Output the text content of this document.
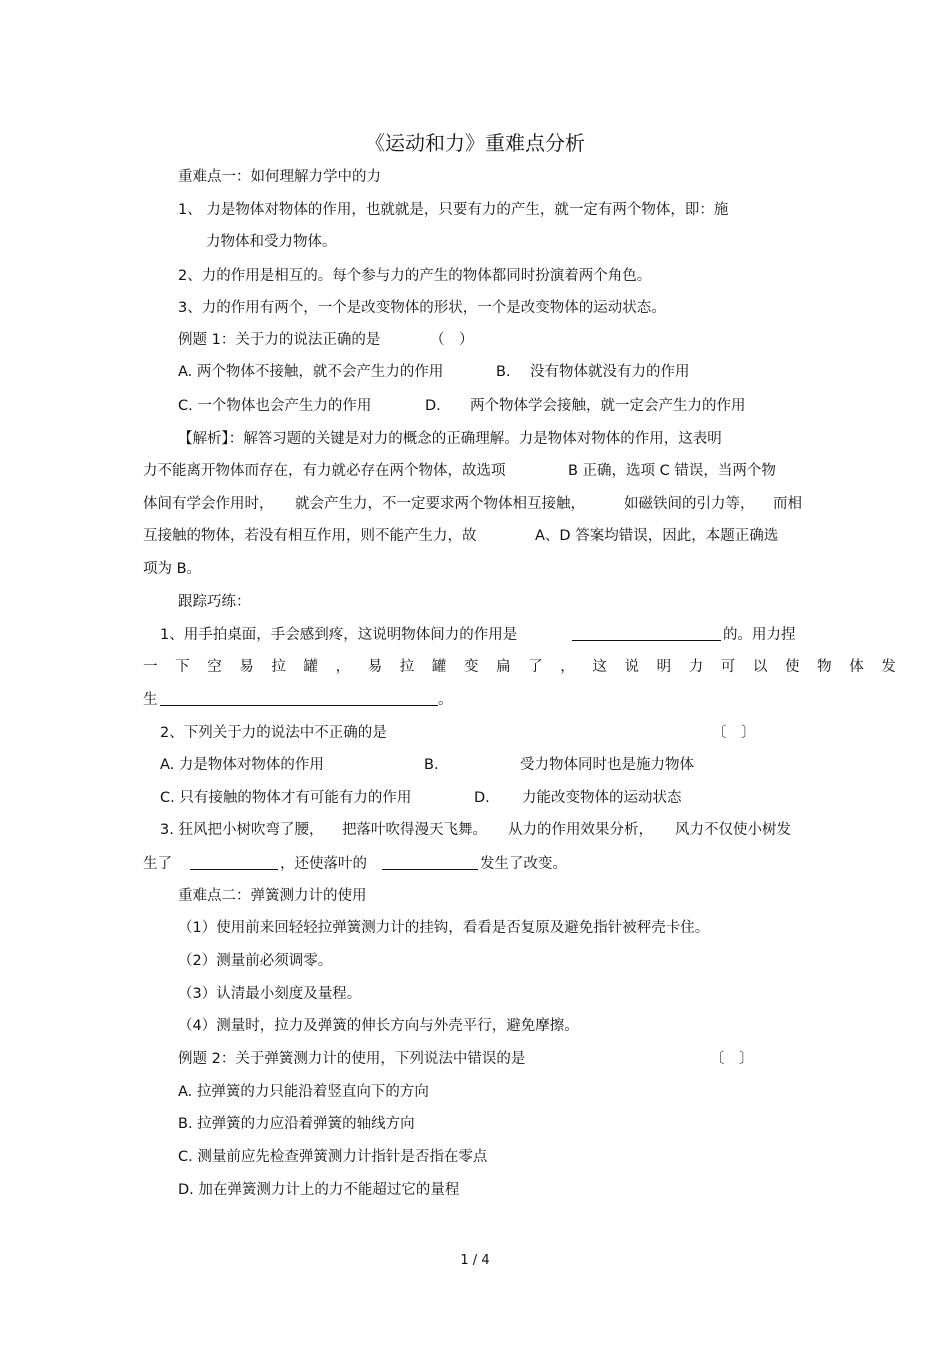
《运动和力》重难点分析
重难点一：如何理解力学中的力
1、 力是物体对物体的作用，也就就是，只要有力的产生，就一定有两个物体，即：施
力物体和受力物体。
2、力的作用是相互的。每个参与力的产生的物体都同时扮演着两个角色。
3、力的作用有两个，一个是改变物体的形状，一个是改变物体的运动状态。
例题 1：关于力的说法正确的是	（　）
A. 两个物体不接触，就不会产生力的作用	B. 没有物体就没有力的作用
C. 一个物体也会产生力的作用	D. 两个物体学会接触，就一定会产生力的作用
【解析】：解答习题的关键是对力的概念的正确理解。力是物体对物体的作用，这表明
力不能离开物体而存在，有力就必存在两个物体，故选项	B 正确，选项 C 错误，当两个物
体间有学会作用时， 就会产生力，不一定要求两个物体相互接触，	如磁铁间的引力等， 而相
互接触的物体，若没有相互作用，则不能产生力，故	A、D 答案均错误，因此，本题正确选
项为 B。
跟踪巧练：
1、用手拍桌面，手会感到疼，这说明物体间力的作用是	的。用力捏
一下空易拉罐，易拉罐变扁了，这说明力可以使物体发
生	。
2、下列关于力的说法中不正确的是	〔　〕
A. 力是物体对物体的作用	B.	受力物体同时也是施力物体
C. 只有接触的物体才有可能有力的作用	D. 力能改变物体的运动状态
3. 狂风把小树吹弯了腰， 把落叶吹得漫天飞舞。 从力的作用效果分析， 风力不仅使小树发
生了	，还使落叶的	发生了改变。
重难点二：弹簧测力计的使用
（1）使用前来回轻轻拉弹簧测力计的挂钩，看看是否复原及避免指针被秤壳卡住。
（2）测量前必须调零。
（3）认清最小刻度及量程。
（4）测量时，拉力及弹簧的伸长方向与外壳平行，避免摩擦。
例题 2：关于弹簧测力计的使用，下列说法中错误的是	〔　〕
A. 拉弹簧的力只能沿着竖直向下的方向
B. 拉弹簧的力应沿着弹簧的轴线方向
C. 测量前应先检查弹簧测力计指针是否指在零点
D. 加在弹簧测力计上的力不能超过它的量程
1 / 4
